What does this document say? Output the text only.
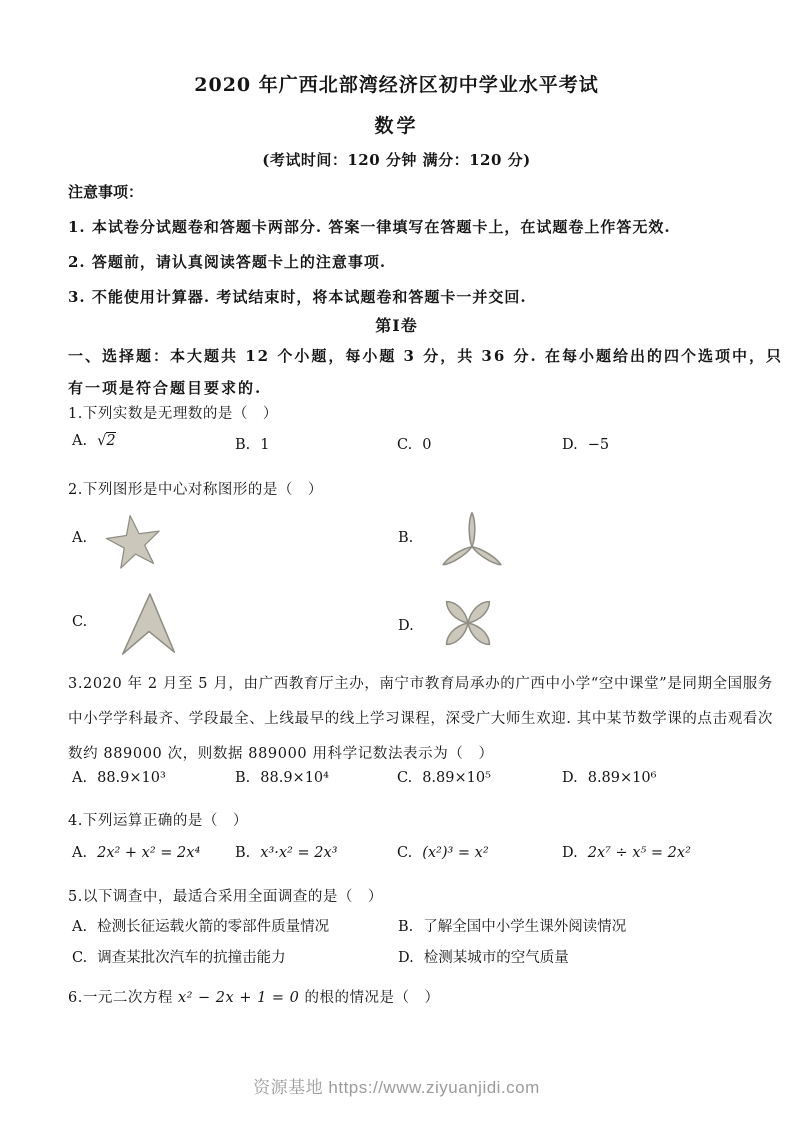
2020 年广西北部湾经济区初中学业水平考试
数学
(考试时间：120 分钟 满分：120 分)
注意事项：
1. 本试卷分试题卷和答题卡两部分. 答案一律填写在答题卡上，在试题卷上作答无效.
2. 答题前，请认真阅读答题卡上的注意事项.
3. 不能使用计算器. 考试结束时，将本试题卷和答题卡一并交回.
第I卷
一、选择题：本大题共 12 个小题，每小题 3 分，共 36 分. 在每小题给出的四个选项中，只
有一项是符合题目要求的.
1.下列实数是无理数的是（　）
A. √2	B. 1	C. 0	D. −5
2.下列图形是中心对称图形的是（　）
A.	B.
C.	D.
3.2020 年 2 月至 5 月，由广西教育厅主办，南宁市教育局承办的广西中小学“空中课堂”是同期全国服务
中小学学科最齐、学段最全、上线最早的线上学习课程，深受广大师生欢迎. 其中某节数学课的点击观看次
数约 889000 次，则数据 889000 用科学记数法表示为（　）
A. 88.9×10³	B. 88.9×10⁴	C. 8.89×10⁵	D. 8.89×10⁶
4.下列运算正确的是（　）
A. 2x² + x² = 2x⁴ B. x³·x² = 2x³	C. (x²)³ = x²	D. 2x⁷ ÷ x⁵ = 2x²
5.以下调查中，最适合采用全面调查的是（　）
A. 检测长征运载火箭的零部件质量情况	B. 了解全国中小学生课外阅读情况
C. 调查某批次汽车的抗撞击能力	D. 检测某城市的空气质量
6.一元二次方程 x² − 2x + 1 = 0 的根的情况是（　）
资源基地 https://www.ziyuanjidi.com
